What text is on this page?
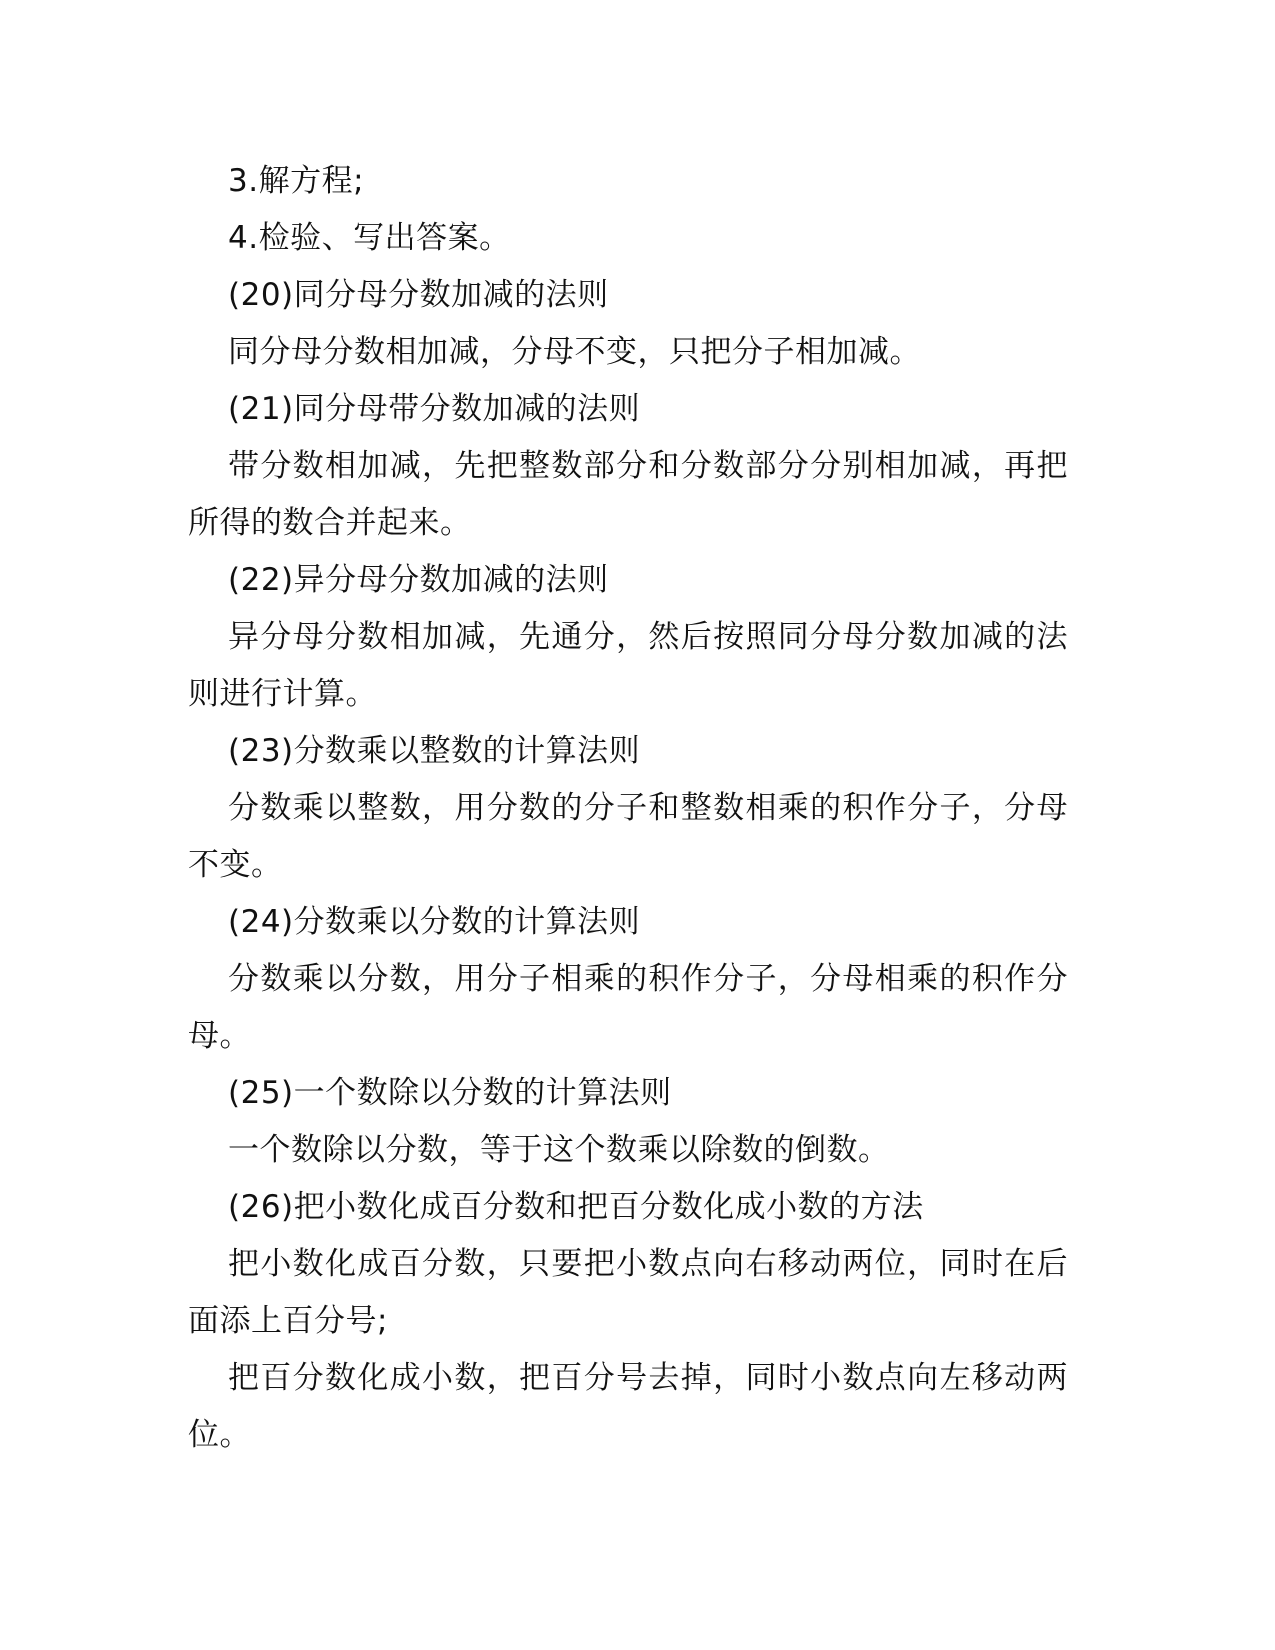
3.解方程;

4.检验、写出答案。

(20)同分母分数加减的法则

同分母分数相加减，分母不变，只把分子相加减。

(21)同分母带分数加减的法则

带分数相加减，先把整数部分和分数部分分别相加减，再把所得的数合并起来。

(22)异分母分数加减的法则

异分母分数相加减，先通分，然后按照同分母分数加减的法则进行计算。

(23)分数乘以整数的计算法则

分数乘以整数，用分数的分子和整数相乘的积作分子，分母不变。

(24)分数乘以分数的计算法则

分数乘以分数，用分子相乘的积作分子，分母相乘的积作分母。

(25)一个数除以分数的计算法则

一个数除以分数，等于这个数乘以除数的倒数。

(26)把小数化成百分数和把百分数化成小数的方法

把小数化成百分数，只要把小数点向右移动两位，同时在后面添上百分号;

把百分数化成小数，把百分号去掉，同时小数点向左移动两位。
